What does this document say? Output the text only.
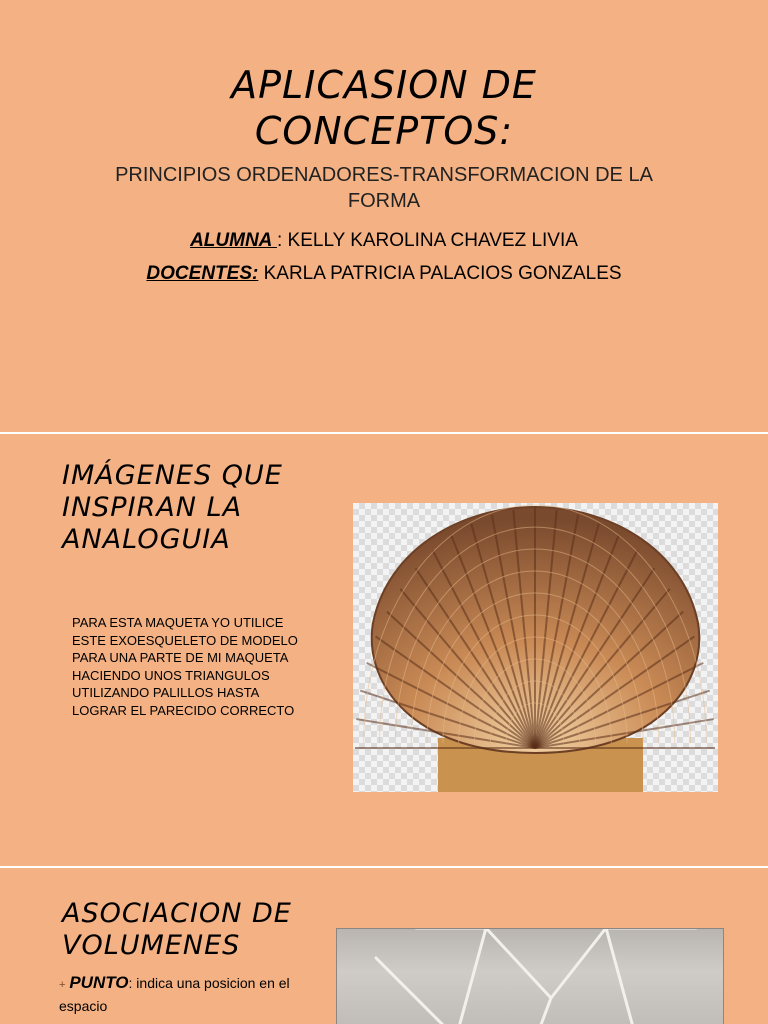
APLICASION DE
CONCEPTOS:
PRINCIPIOS ORDENADORES-TRANSFORMACION DE LA FORMA
ALUMNA : KELLY KAROLINA CHAVEZ LIVIA
DOCENTES: KARLA PATRICIA PALACIOS GONZALES
IMÁGENES QUE
INSPIRAN LA
ANALOGUIA
PARA ESTA MAQUETA YO UTILICE ESTE EXOESQUELETO DE MODELO PARA UNA PARTE DE MI MAQUETA HACIENDO UNOS TRIANGULOS UTILIZANDO PALILLOS HASTA LOGRAR EL PARECIDO CORRECTO
ASOCIACION DE
VOLUMENES
+ PUNTO: indica una posicion en el espacio
